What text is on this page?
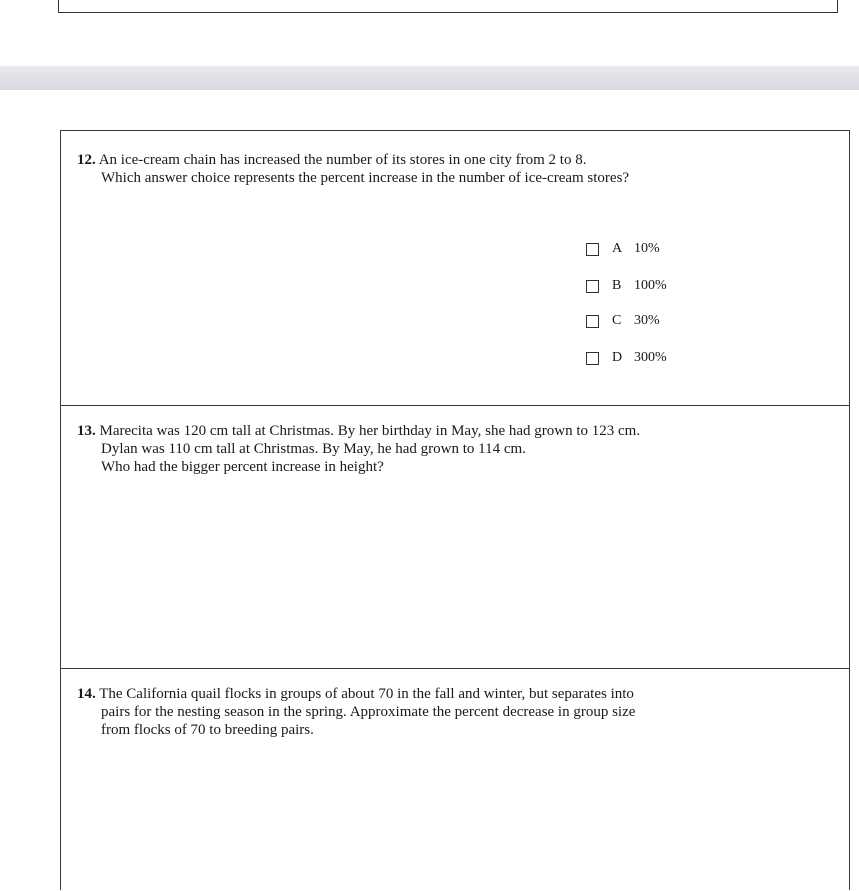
12. An ice-cream chain has increased the number of its stores in one city from 2 to 8.
Which answer choice represents the percent increase in the number of ice-cream stores?
A 10%
B 100%
C 30%
D 300%
13. Marecita was 120 cm tall at Christmas. By her birthday in May, she had grown to 123 cm.
Dylan was 110 cm tall at Christmas. By May, he had grown to 114 cm.
Who had the bigger percent increase in height?
14. The California quail flocks in groups of about 70 in the fall and winter, but separates into
pairs for the nesting season in the spring. Approximate the percent decrease in group size
from flocks of 70 to breeding pairs.
